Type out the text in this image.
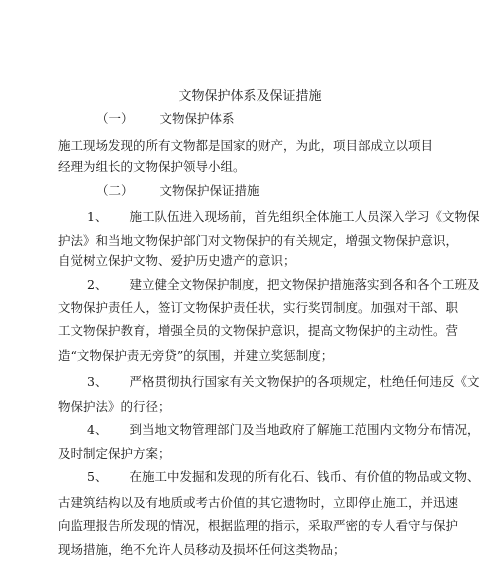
文物保护体系及保证措施
（一） 文物保护体系
施工现场发现的所有文物都是国家的财产，为此，项目部成立以项目
经理为组长的文物保护领导小组。
（二） 文物保护保证措施
1、 施工队伍进入现场前，首先组织全体施工人员深入学习《文物保
护法》和当地文物保护部门对文物保护的有关规定，增强文物保护意识，
自觉树立保护文物、爱护历史遗产的意识；
2、 建立健全文物保护制度，把文物保护措施落实到各和各个工班及
文物保护责任人，签订文物保护责任状，实行奖罚制度。加强对干部、职
工文物保护教育，增强全员的文物保护意识，提高文物保护的主动性。营
造“文物保护责无旁贷”的氛围，并建立奖惩制度；
3、 严格贯彻执行国家有关文物保护的各项规定，杜绝任何违反《文
物保护法》的行径；
4、 到当地文物管理部门及当地政府了解施工范围内文物分布情况，
及时制定保护方案；
5、 在施工中发掘和发现的所有化石、钱币、有价值的物品或文物、
古建筑结构以及有地质或考古价值的其它遗物时，立即停止施工，并迅速
向监理报告所发现的情况，根据监理的指示，采取严密的专人看守与保护
现场措施，绝不允许人员移动及损坏任何这类物品；
